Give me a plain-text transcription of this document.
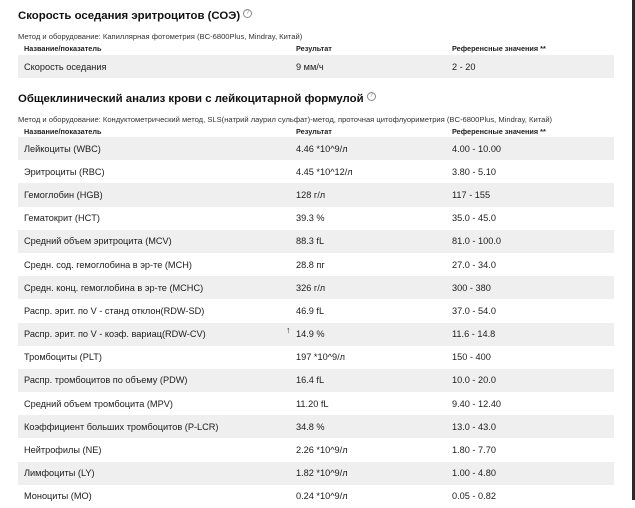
Скорость оседания эритроцитов (СОЭ) ?
Метод и оборудование: Капиллярная фотометрия (BC-6800Plus, Mindray, Китай)
Название/показатель	Результат	Референсные значения **
Скорость оседания	9 мм/ч	2 - 20
Общеклинический анализ крови с лейкоцитарной формулой ?
Метод и оборудование: Кондуктометрический метод, SLS(натрий лаурил сульфат)-метод, проточная цитофлуориметрия (BC-6800Plus, Mindray, Китай)
Название/показатель	Результат	Референсные значения **
Лейкоциты (WBC)	4.46 *10^9/л	4.00 - 10.00
Эритроциты (RBC)	4.45 *10^12/л	3.80 - 5.10
Гемоглобин (HGB)	128 г/л	117 - 155
Гематокрит (HCT)	39.3 %	35.0 - 45.0
Средний объем эритроцита (MCV)	88.3 fL	81.0 - 100.0
Средн. сод. гемоглобина в эр-те (MCH)	28.8 пг	27.0 - 34.0
Средн. конц. гемоглобина в эр-те (MCHC)	326 г/л	300 - 380
Распр. эрит. по V - станд отклон(RDW-SD)	46.9 fL	37.0 - 54.0
Распр. эрит. по V - коэф. вариац(RDW-CV)	↑ 14.9 %	11.6 - 14.8
Тромбоциты (PLT)	197 *10^9/л	150 - 400
Распр. тромбоцитов по объему (PDW)	16.4 fL	10.0 - 20.0
Средний объем тромбоцита (MPV)	11.20 fL	9.40 - 12.40
Коэффициент больших тромбоцитов (P-LCR)	34.8 %	13.0 - 43.0
Нейтрофилы (NE)	2.26 *10^9/л	1.80 - 7.70
Лимфоциты (LY)	1.82 *10^9/л	1.00 - 4.80
Моноциты (MO)	0.24 *10^9/л	0.05 - 0.82
